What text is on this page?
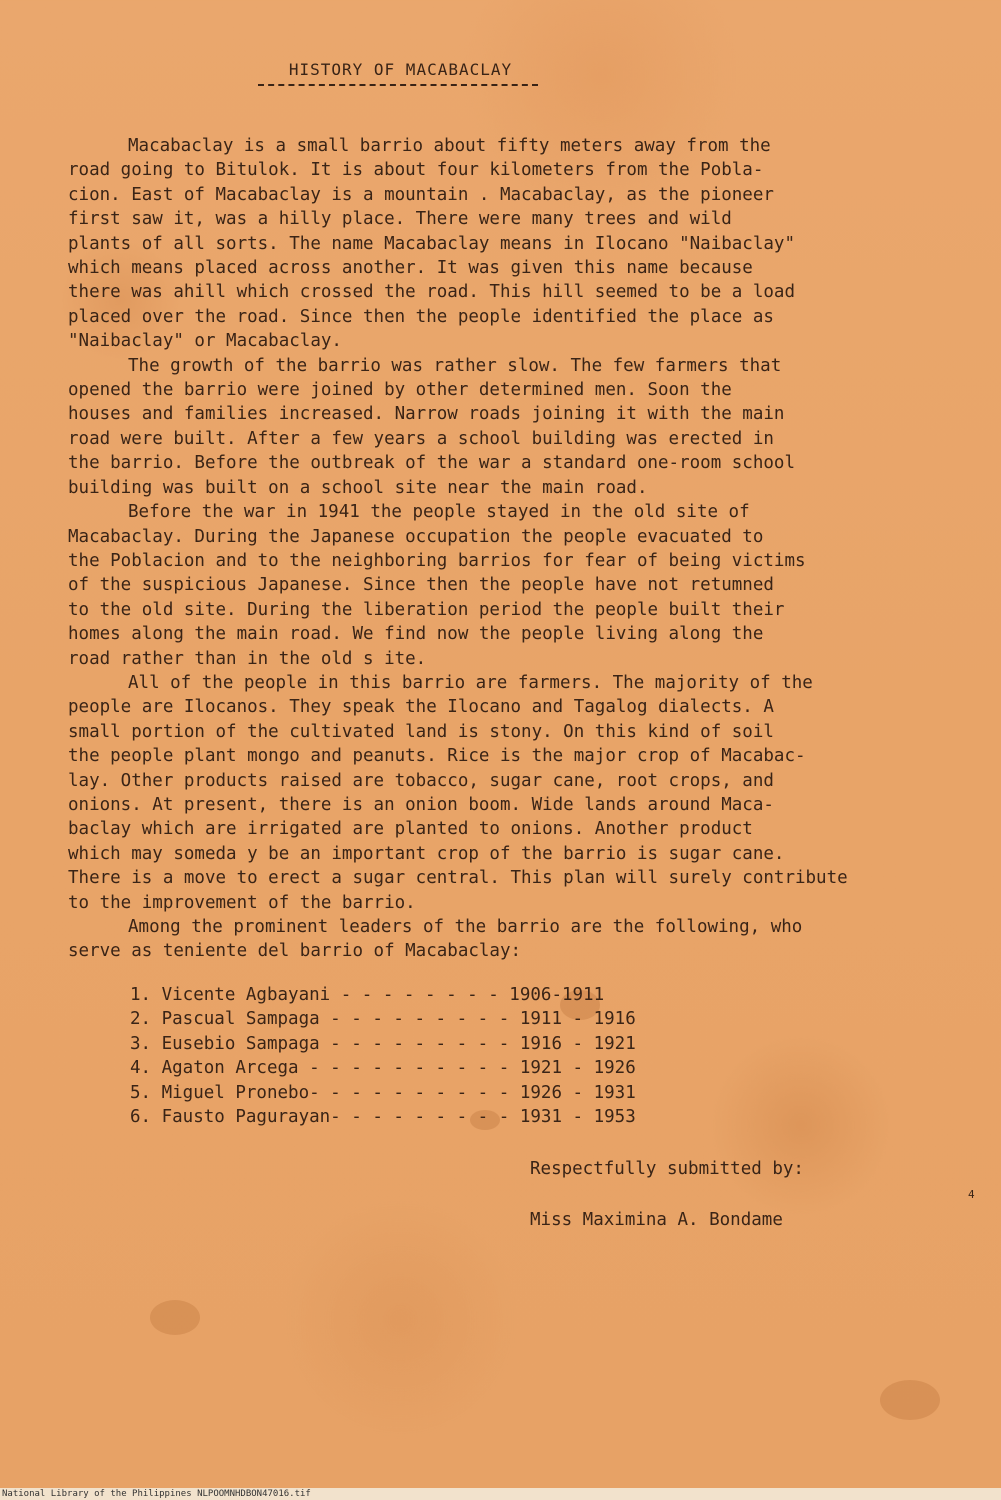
HISTORY OF MACABACLAY

Macabaclay is a small barrio about fifty meters away from the
road going to Bitulok. It is about four kilometers from the Pobla-
cion. East of Macabaclay is a mountain . Macabaclay, as the pioneer
first saw it, was a hilly place. There were many trees and wild
plants of all sorts. The name Macabaclay means in Ilocano "Naibaclay"
which means placed across another. It was given this name because
there was ahill which crossed the road. This hill seemed to be a load
placed over the road. Since then the people identified the place as
"Naibaclay" or Macabaclay.

The growth of the barrio was rather slow. The few farmers that
opened the barrio were joined by other determined men. Soon the
houses and families increased. Narrow roads joining it with the main
road were built. After a few years a school building was erected in
the barrio. Before the outbreak of the war a standard one-room school
building was built on a school site near the main road.

Before the war in 1941 the people stayed in the old site of
Macabaclay. During the Japanese occupation the people evacuated to
the Poblacion and to the neighboring barrios for fear of being victims
of the suspicious Japanese. Since then the people have not retumned
to the old site. During the liberation period the people built their
homes along the main road. We find now the people living along the
road rather than in the old s ite.

All of the people in this barrio are farmers. The majority of the
people are Ilocanos. They speak the Ilocano and Tagalog dialects. A
small portion of the cultivated land is stony. On this kind of soil
the people plant mongo and peanuts. Rice is the major crop of Macabac-
lay. Other products raised are tobacco, sugar cane, root crops, and
onions. At present, there is an onion boom. Wide lands around Maca-
baclay which are irrigated are planted to onions. Another product
which may someda y be an important crop of the barrio is sugar cane.
There is a move to erect a sugar central. This plan will surely contribute
to the improvement of the barrio.

Among the prominent leaders of the barrio are the following, who
serve as teniente del barrio of Macabaclay:

1. Vicente Agbayani - - - - - - - - 1906-1911
2. Pascual Sampaga - - - - - - - - - 1911 - 1916
3. Eusebio Sampaga - - - - - - - - - 1916 - 1921
4. Agaton Arcega - - - - - - - - - - 1921 - 1926
5. Miguel Pronebo- - - - - - - - - - 1926 - 1931
6. Fausto Pagurayan- - - - - - - - - 1931 - 1953
Respectfully submitted by:
Miss Maximina A. Bondame
4
National Library of the Philippines NLPOOMNHDBON47016.tif
